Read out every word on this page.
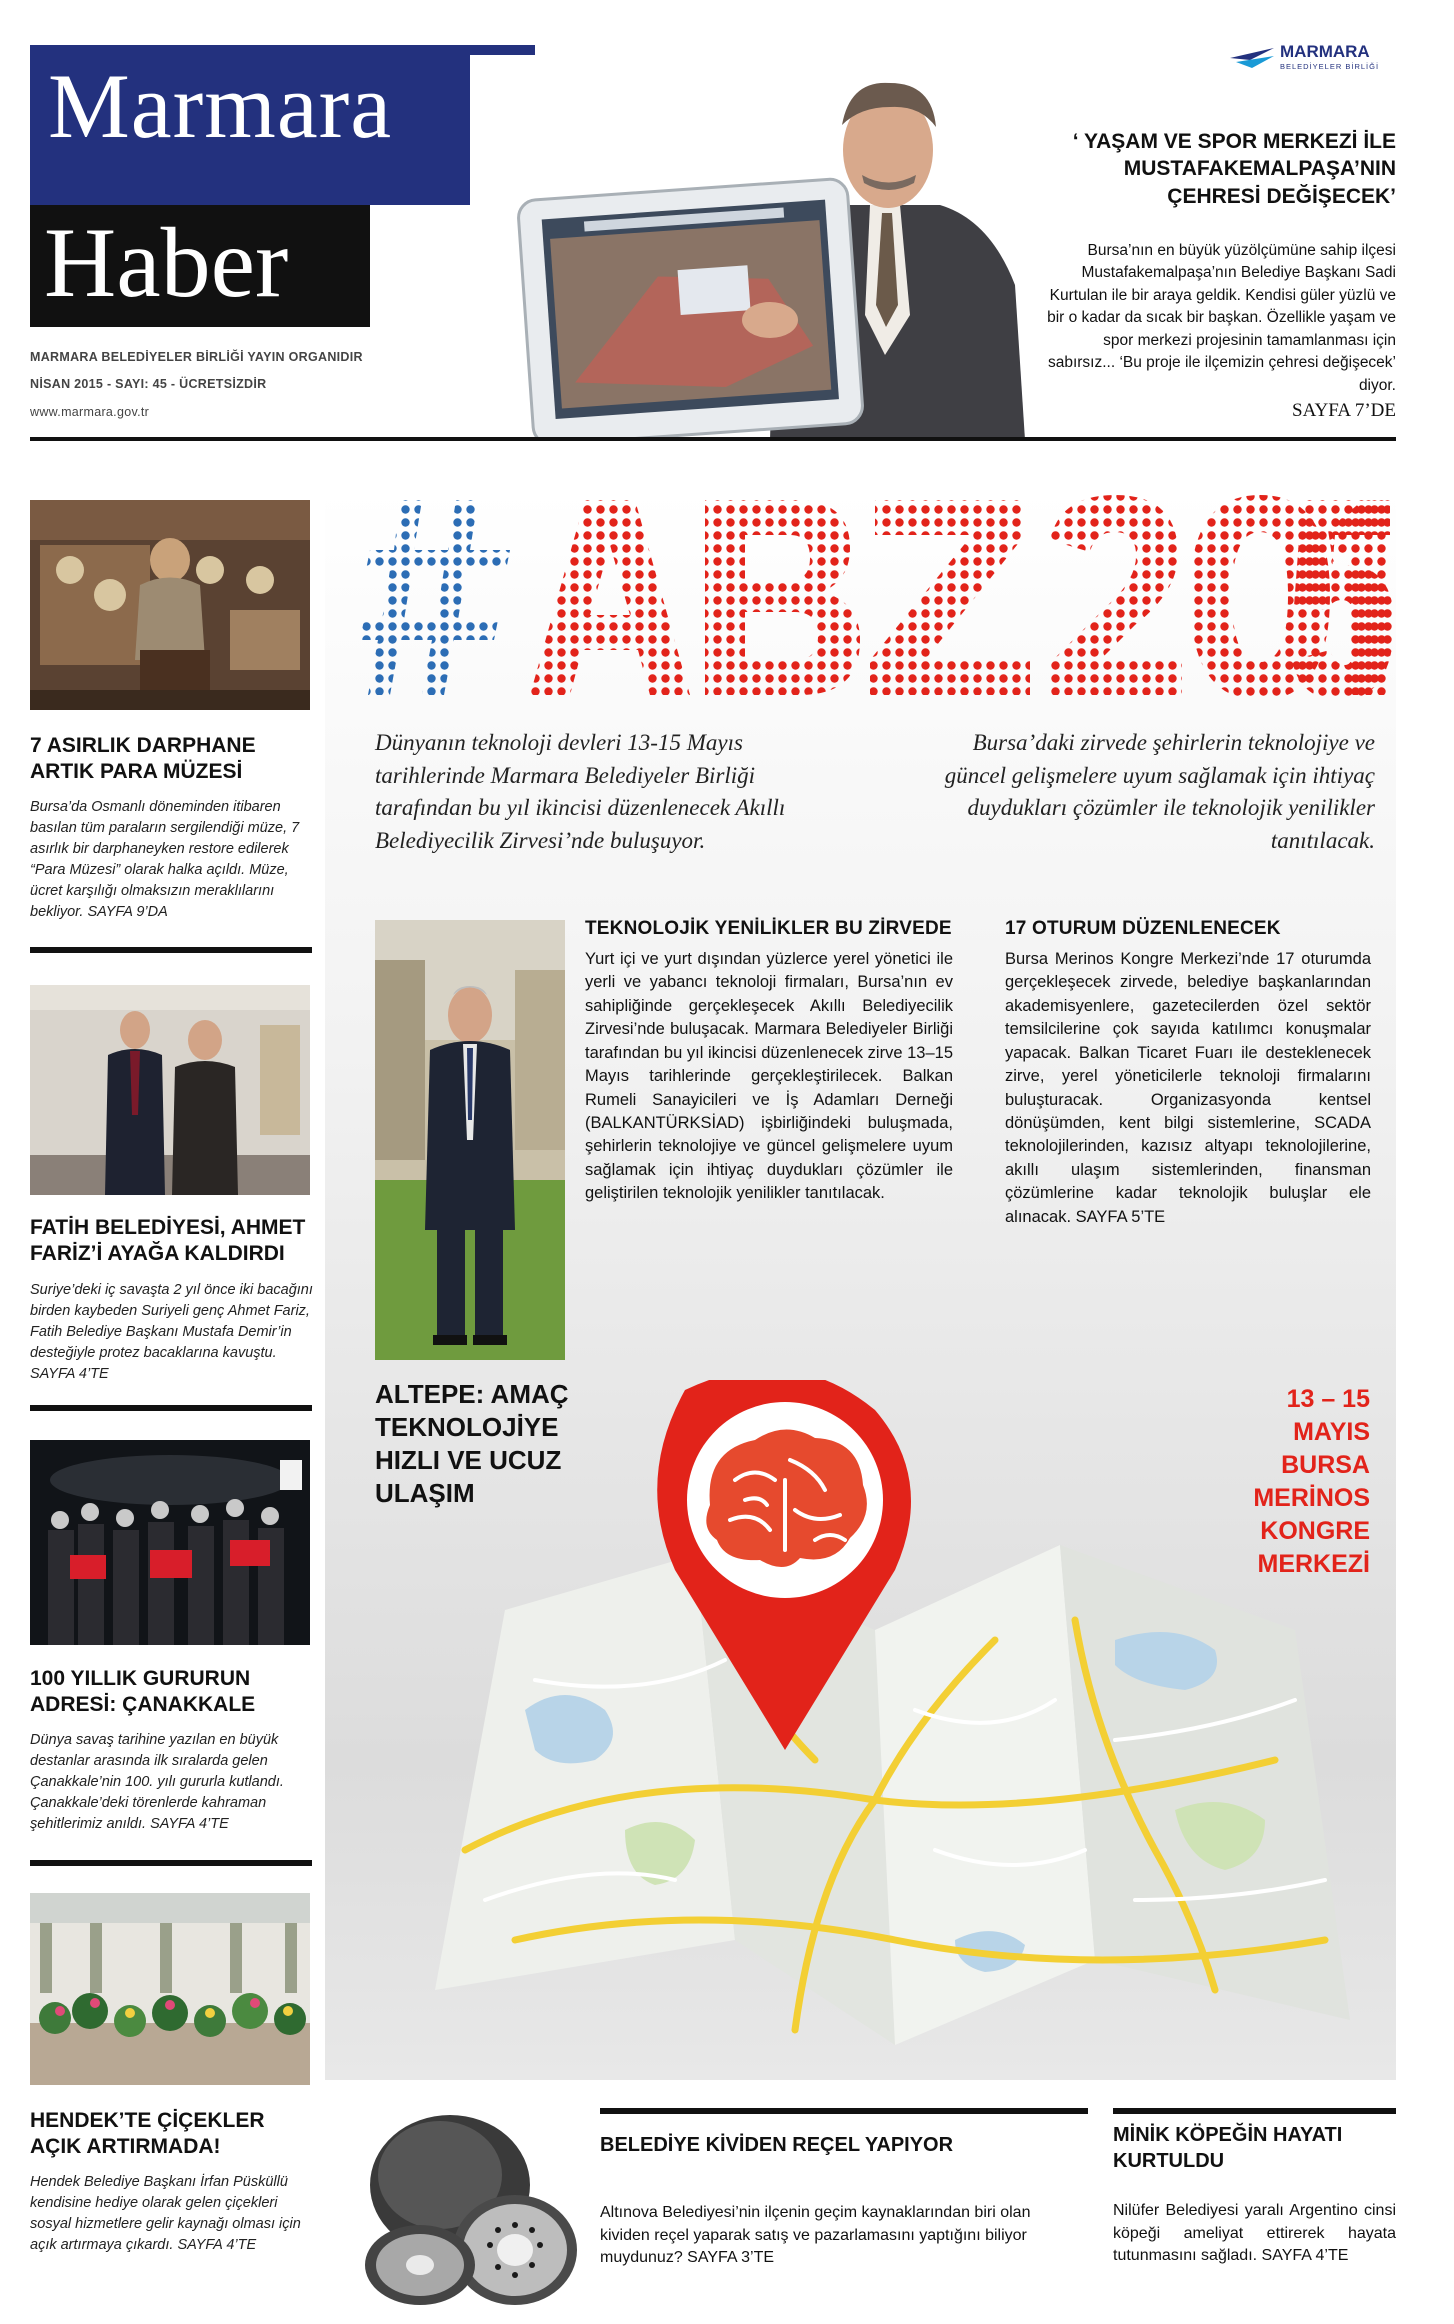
Marmara
Haber
MARMARA BELEDİYELER BİRLİĞİ YAYIN ORGANIDIR
NİSAN 2015 - SAYI: 45 - ÜCRETSİZDİR
www.marmara.gov.tr
MARMARA
BELEDİYELER BİRLİĞİ
‘ YAŞAM VE SPOR MERKEZİ İLE MUSTAFAKEMALPAŞA’NIN ÇEHRESİ DEĞİŞECEK’
Bursa’nın en büyük yüzölçümüne sahip ilçesi Mustafakemalpaşa’nın Belediye Başkanı Sadi Kurtulan ile bir araya geldik. Kendisi güler yüzlü ve bir o kadar da sıcak bir başkan. Özellikle yaşam ve spor merkezi projesinin tamamlanması için sabırsız... ‘Bu proje ile ilçemizin çehresi değişecek’ diyor.
SAYFA 7’DE
7 ASIRLIK DARPHANE ARTIK PARA MÜZESİ
Bursa’da Osmanlı döneminden itibaren basılan tüm paraların sergilendiği müze, 7 asırlık bir darphaneyken restore edilerek “Para Müzesi” olarak halka açıldı. Müze, ücret karşılığı olmaksızın meraklılarını bekliyor. SAYFA 9’DA
FATİH BELEDİYESİ, AHMET FARİZ’İ AYAĞA KALDIRDI
Suriye’deki iç savaşta 2 yıl önce iki bacağını birden kaybeden Suriyeli genç Ahmet Fariz, Fatih Belediye Başkanı Mustafa Demir’in desteğiyle protez bacaklarına kavuştu. SAYFA 4’TE
100 YILLIK GURURUN ADRESİ: ÇANAKKALE
Dünya savaş tarihine yazılan en büyük destanlar arasında ilk sıralarda gelen Çanakkale’nin 100. yılı gururla kutlandı. Çanakkale’deki törenlerde kahraman şehitlerimiz anıldı. SAYFA 4’TE
HENDEK’TE ÇİÇEKLER AÇIK ARTIRMADA!
Hendek Belediye Başkanı İrfan Püsküllü kendisine hediye olarak gelen çiçekleri sosyal hizmetlere gelir kaynağı olması için açık artırmaya çıkardı. SAYFA 4’TE
Dünyanın teknoloji devleri 13-15 Mayıs tarihlerinde Marmara Belediyeler Birliği tarafından bu yıl ikincisi düzenlenecek Akıllı Belediyecilik Zirvesi’nde buluşuyor.
Bursa’daki zirvede şehirlerin teknolojiye ve güncel gelişmelere uyum sağlamak için ihtiyaç duydukları çözümler ile teknolojik yenilikler tanıtılacak.
TEKNOLOJİK YENİLİKLER BU ZİRVEDE
Yurt içi ve yurt dışından yüzlerce yerel yönetici ile yerli ve yabancı teknoloji firmaları, Bursa’nın ev sahipliğinde gerçekleşecek Akıllı Belediyecilik Zirvesi’nde buluşacak. Marmara Belediyeler Birliği tarafından bu yıl ikincisi düzenlenecek zirve 13–15 Mayıs tarihlerinde gerçekleştirilecek. Balkan Rumeli Sanayicileri ve İş Adamları Derneği (BALKANTÜRKSİAD) işbirliğindeki buluşmada, şehirlerin teknolojiye ve güncel gelişmelere uyum sağlamak için ihtiyaç duydukları çözümler ile geliştirilen teknolojik yenilikler tanıtılacak.
17 OTURUM DÜZENLENECEK
Bursa Merinos Kongre Merkezi’nde 17 oturumda gerçekleşecek zirvede, belediye başkanlarından akademisyenlere, gazetecilerden özel sektör temsilcilerine çok sayıda katılımcı konuşmalar yapacak. Balkan Ticaret Fuarı ile desteklenecek zirve, yerel yöneticilerle teknoloji firmalarını buluşturacak. Organizasyonda kentsel dönüşümden, kent bilgi sistemlerine, SCADA teknolojilerinden, kazısız altyapı teknolojilerine, akıllı ulaşım sistemlerinden, finansman çözümlerine kadar teknolojik buluşlar ele alınacak. SAYFA 5’TE
ALTEPE: AMAÇ TEKNOLOJİYE HIZLI VE UCUZ ULAŞIM
13 – 15
MAYIS
BURSA
MERİNOS
KONGRE
MERKEZİ
BELEDİYE KİVİDEN REÇEL YAPIYOR
Altınova Belediyesi’nin ilçenin geçim kaynaklarından biri olan kividen reçel yaparak satış ve pazarlamasını yaptığını biliyor muydunuz? SAYFA 3’TE
MİNİK KÖPEĞİN HAYATI KURTULDU
Nilüfer Belediyesi yaralı Argentino cinsi köpeği ameliyat ettirerek hayata tutunmasını sağladı. SAYFA 4’TE
